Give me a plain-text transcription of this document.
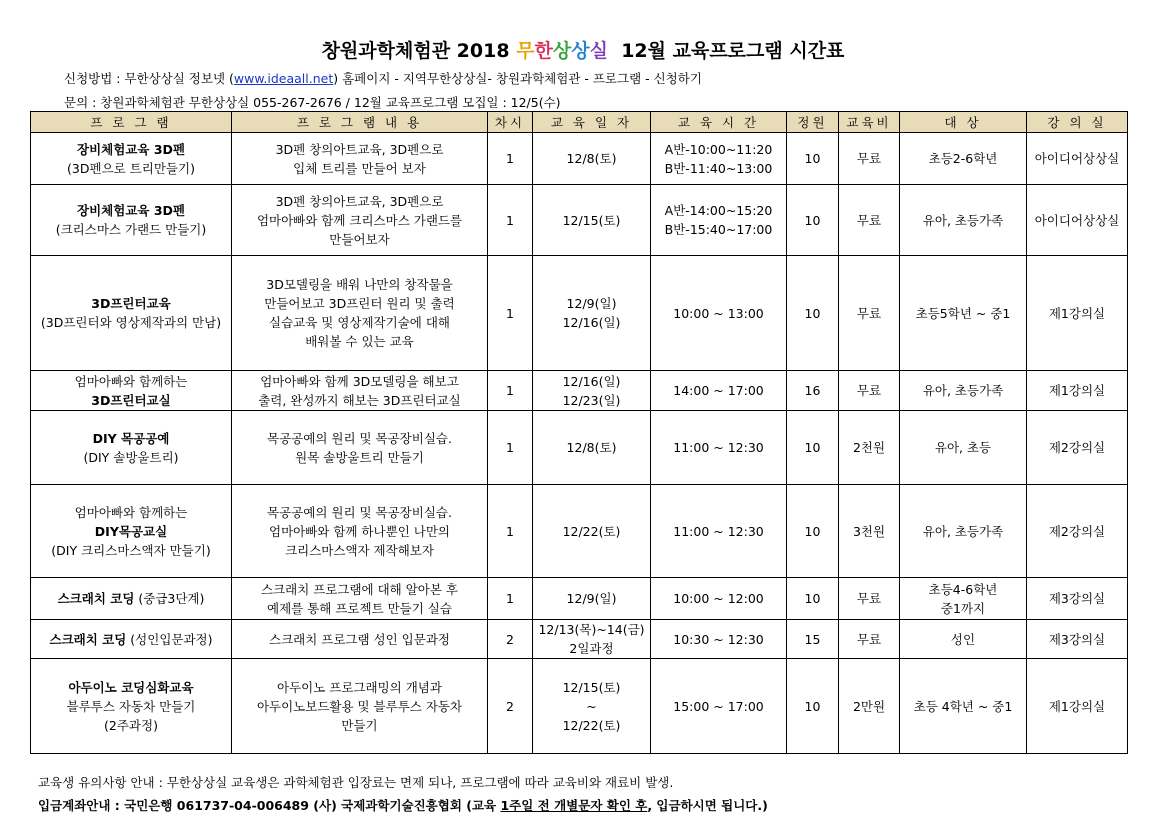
창원과학체험관 2018 무한상상실  12월 교육프로그램 시간표
신청방법 : 무한상상실 정보넷 (www.ideaall.net) 홈페이지 - 지역무한상상실- 창원과학체험관 - 프로그램 - 신청하기
문의 : 창원과학체험관 무한상상실 055-267-2676 / 12월 교육프로그램 모집일 : 12/5(수)
프 로 그 램	프 로 그 램 내 용	차시	교 육 일 자	교 육 시 간	정원	교육비	대 상	강 의 실

장비체험교육 3D펜
(3D펜으로 트리만들기)	3D펜 창의아트교육, 3D펜으로
입체 트리를 만들어 보자	1	12/8(토)	A반-10:00~11:20
B반-11:40~13:00	10	무료	초등2-6학년	아이디어상상실

장비체험교육 3D펜
(크리스마스 가랜드 만들기)	3D펜 창의아트교육, 3D펜으로
엄마아빠와 함께 크리스마스 가랜드를
만들어보자	1	12/15(토)	A반-14:00~15:20
B반-15:40~17:00	10	무료	유아, 초등가족	아이디어상상실

3D프린터교육
(3D프린터와 영상제작과의 만남)	3D모델링을 배워 나만의 창작물을
만들어보고 3D프린터 원리 및 출력
실습교육 및 영상제작기술에 대해
배워볼 수 있는 교육	1	12/9(일)
12/16(일)	10:00 ~ 13:00	10	무료	초등5학년 ~ 중1	제1강의실

엄마아빠와 함께하는
3D프린터교실	엄마아빠와 함께 3D모델링을 해보고
출력, 완성까지 해보는 3D프린터교실	1	12/16(일)
12/23(일)	14:00 ~ 17:00	16	무료	유아, 초등가족	제1강의실

DIY 목공공예
(DIY 솔방울트리)	목공공예의 원리 및 목공장비실습.
원목 솔방울트리 만들기	1	12/8(토)	11:00 ~ 12:30	10	2천원	유아, 초등	제2강의실

엄마아빠와 함께하는
DIY목공교실
(DIY 크리스마스액자 만들기)	목공공예의 원리 및 목공장비실습.
엄마아빠와 함께 하나뿐인 나만의
크리스마스액자 제작해보자	1	12/22(토)	11:00 ~ 12:30	10	3천원	유아, 초등가족	제2강의실

스크래치 코딩 (중급3단계)	스크래치 프로그램에 대해 알아본 후
예제를 통해 프로젝트 만들기 실습	1	12/9(일)	10:00 ~ 12:00	10	무료	초등4-6학년
중1까지	제3강의실

스크래치 코딩 (성인입문과정)	스크래치 프로그램 성인 입문과정	2	12/13(목)~14(금)
2일과정	10:30 ~ 12:30	15	무료	성인	제3강의실

아두이노 코딩심화교육
블루투스 자동차 만들기
(2주과정)	아두이노 프로그래밍의 개념과
아두이노보드활용 및 블루투스 자동차
만들기	2	12/15(토)
~
12/22(토)	15:00 ~ 17:00	10	2만원	초등 4학년 ~ 중1	제1강의실
교육생 유의사항 안내 : 무한상상실 교육생은 과학체험관 입장료는 면제 되나, 프로그램에 따라 교육비와 재료비 발생.
입금계좌안내 : 국민은행 061737-04-006489 (사) 국제과학기술진흥협회 (교육 1주일 전 개별문자 확인 후, 입금하시면 됩니다.)
